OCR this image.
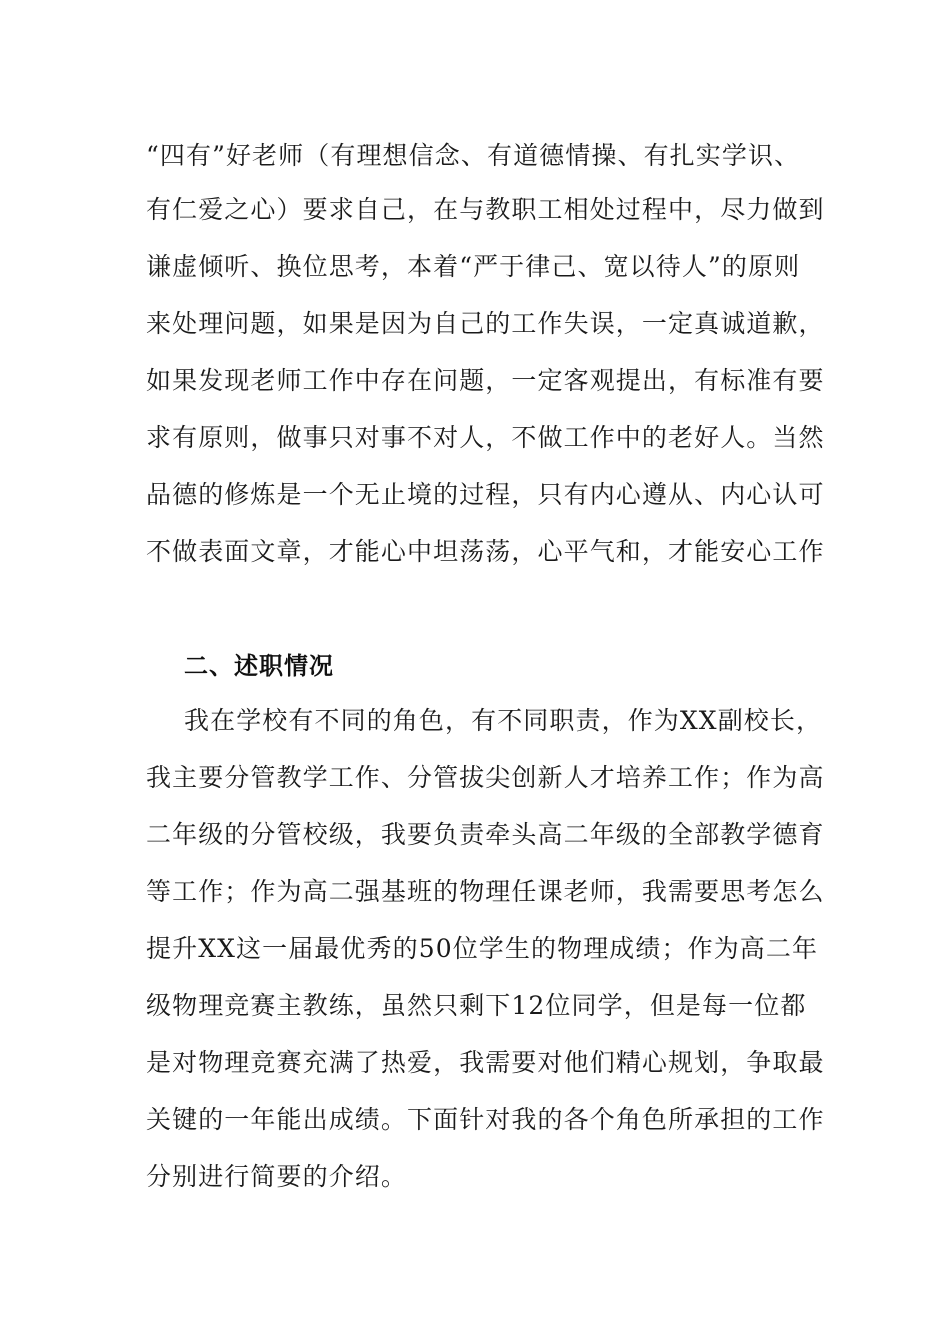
“四有”好老师（有理想信念、有道德情操、有扎实学识、
有仁爱之心）要求自己，在与教职工相处过程中，尽力做到
谦虚倾听、换位思考，本着“严于律己、宽以待人”的原则
来处理问题，如果是因为自己的工作失误，一定真诚道歉，
如果发现老师工作中存在问题，一定客观提出，有标准有要
求有原则，做事只对事不对人，不做工作中的老好人。当然
品德的修炼是一个无止境的过程，只有内心遵从、内心认可
不做表面文章，才能心中坦荡荡，心平气和，才能安心工作
二、述职情况
我在学校有不同的角色，有不同职责，作为XX副校长，
我主要分管教学工作、分管拔尖创新人才培养工作；作为高
二年级的分管校级，我要负责牵头高二年级的全部教学德育
等工作；作为高二强基班的物理任课老师，我需要思考怎么
提升XX这一届最优秀的50位学生的物理成绩；作为高二年
级物理竞赛主教练，虽然只剩下12位同学，但是每一位都
是对物理竞赛充满了热爱，我需要对他们精心规划，争取最
关键的一年能出成绩。下面针对我的各个角色所承担的工作
分别进行简要的介绍。
